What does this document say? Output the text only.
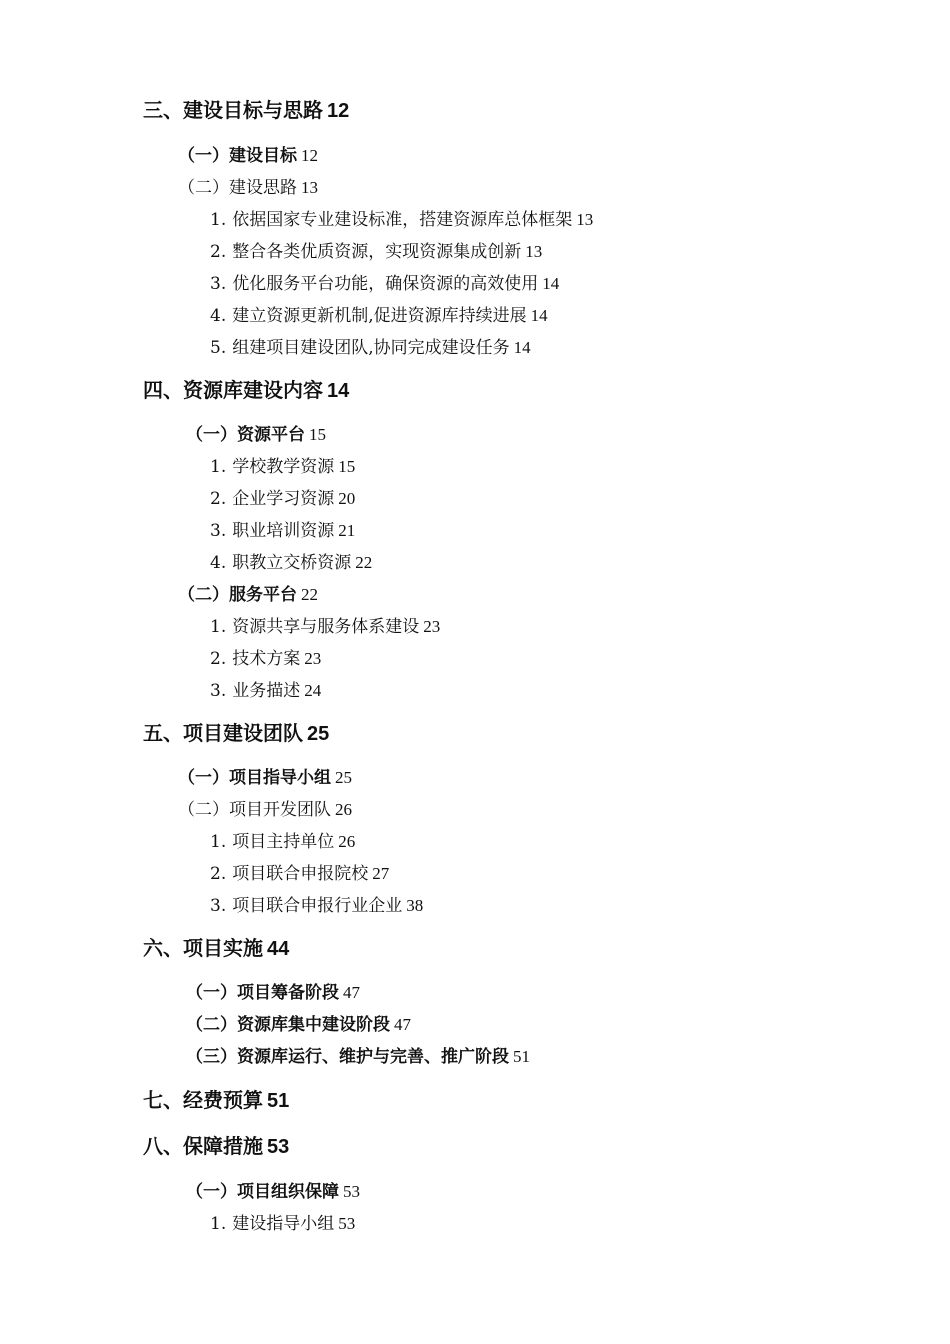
三、建设目标与思路 12
（一）建设目标 12
（二）建设思路 13
1. 依据国家专业建设标准，搭建资源库总体框架 13
2. 整合各类优质资源，实现资源集成创新 13
3. 优化服务平台功能，确保资源的高效使用 14
4. 建立资源更新机制,促进资源库持续进展 14
5. 组建项目建设团队,协同完成建设任务 14
四、资源库建设内容 14
（一）资源平台 15
1. 学校教学资源 15
2. 企业学习资源 20
3. 职业培训资源 21
4. 职教立交桥资源 22
（二）服务平台 22
1. 资源共享与服务体系建设 23
2. 技术方案 23
3. 业务描述 24
五、项目建设团队 25
（一）项目指导小组 25
（二）项目开发团队 26
1. 项目主持单位 26
2. 项目联合申报院校 27
3. 项目联合申报行业企业 38
六、项目实施 44
（一）项目筹备阶段 47
（二）资源库集中建设阶段 47
（三）资源库运行、维护与完善、推广阶段 51
七、经费预算 51
八、保障措施 53
（一）项目组织保障 53
1. 建设指导小组 53
